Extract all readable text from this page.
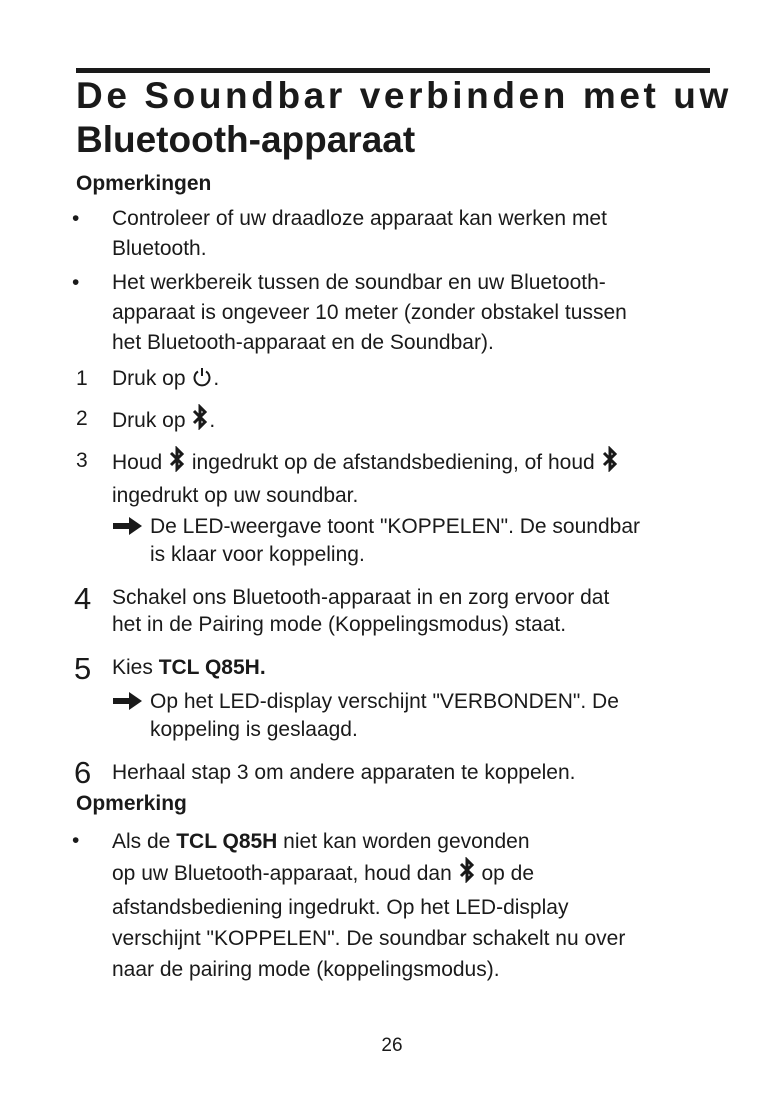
De Soundbar verbinden met uw
Bluetooth-apparaat
Opmerkingen
• Controleer of uw draadloze apparaat kan werken met
Bluetooth.
• Het werkbereik tussen de soundbar en uw Bluetooth-
apparaat is ongeveer 10 meter (zonder obstakel tussen
het Bluetooth-apparaat en de Soundbar).
1 Druk op .
2 Druk op .
3 Houd  ingedrukt op de afstandsbediening, of houd
ingedrukt op uw soundbar.
De LED-weergave toont "KOPPELEN". De soundbar
is klaar voor koppeling.
4 Schakel ons Bluetooth-apparaat in en zorg ervoor dat
het in de Pairing mode (Koppelingsmodus) staat.
5 Kies TCL Q85H.
Op het LED-display verschijnt "VERBONDEN". De
koppeling is geslaagd.
6 Herhaal stap 3 om andere apparaten te koppelen.
Opmerking
• Als de TCL Q85H niet kan worden gevonden
op uw Bluetooth-apparaat, houd dan  op de
afstandsbediening ingedrukt. Op het LED-display
verschijnt "KOPPELEN". De soundbar schakelt nu over
naar de pairing mode (koppelingsmodus).
26
